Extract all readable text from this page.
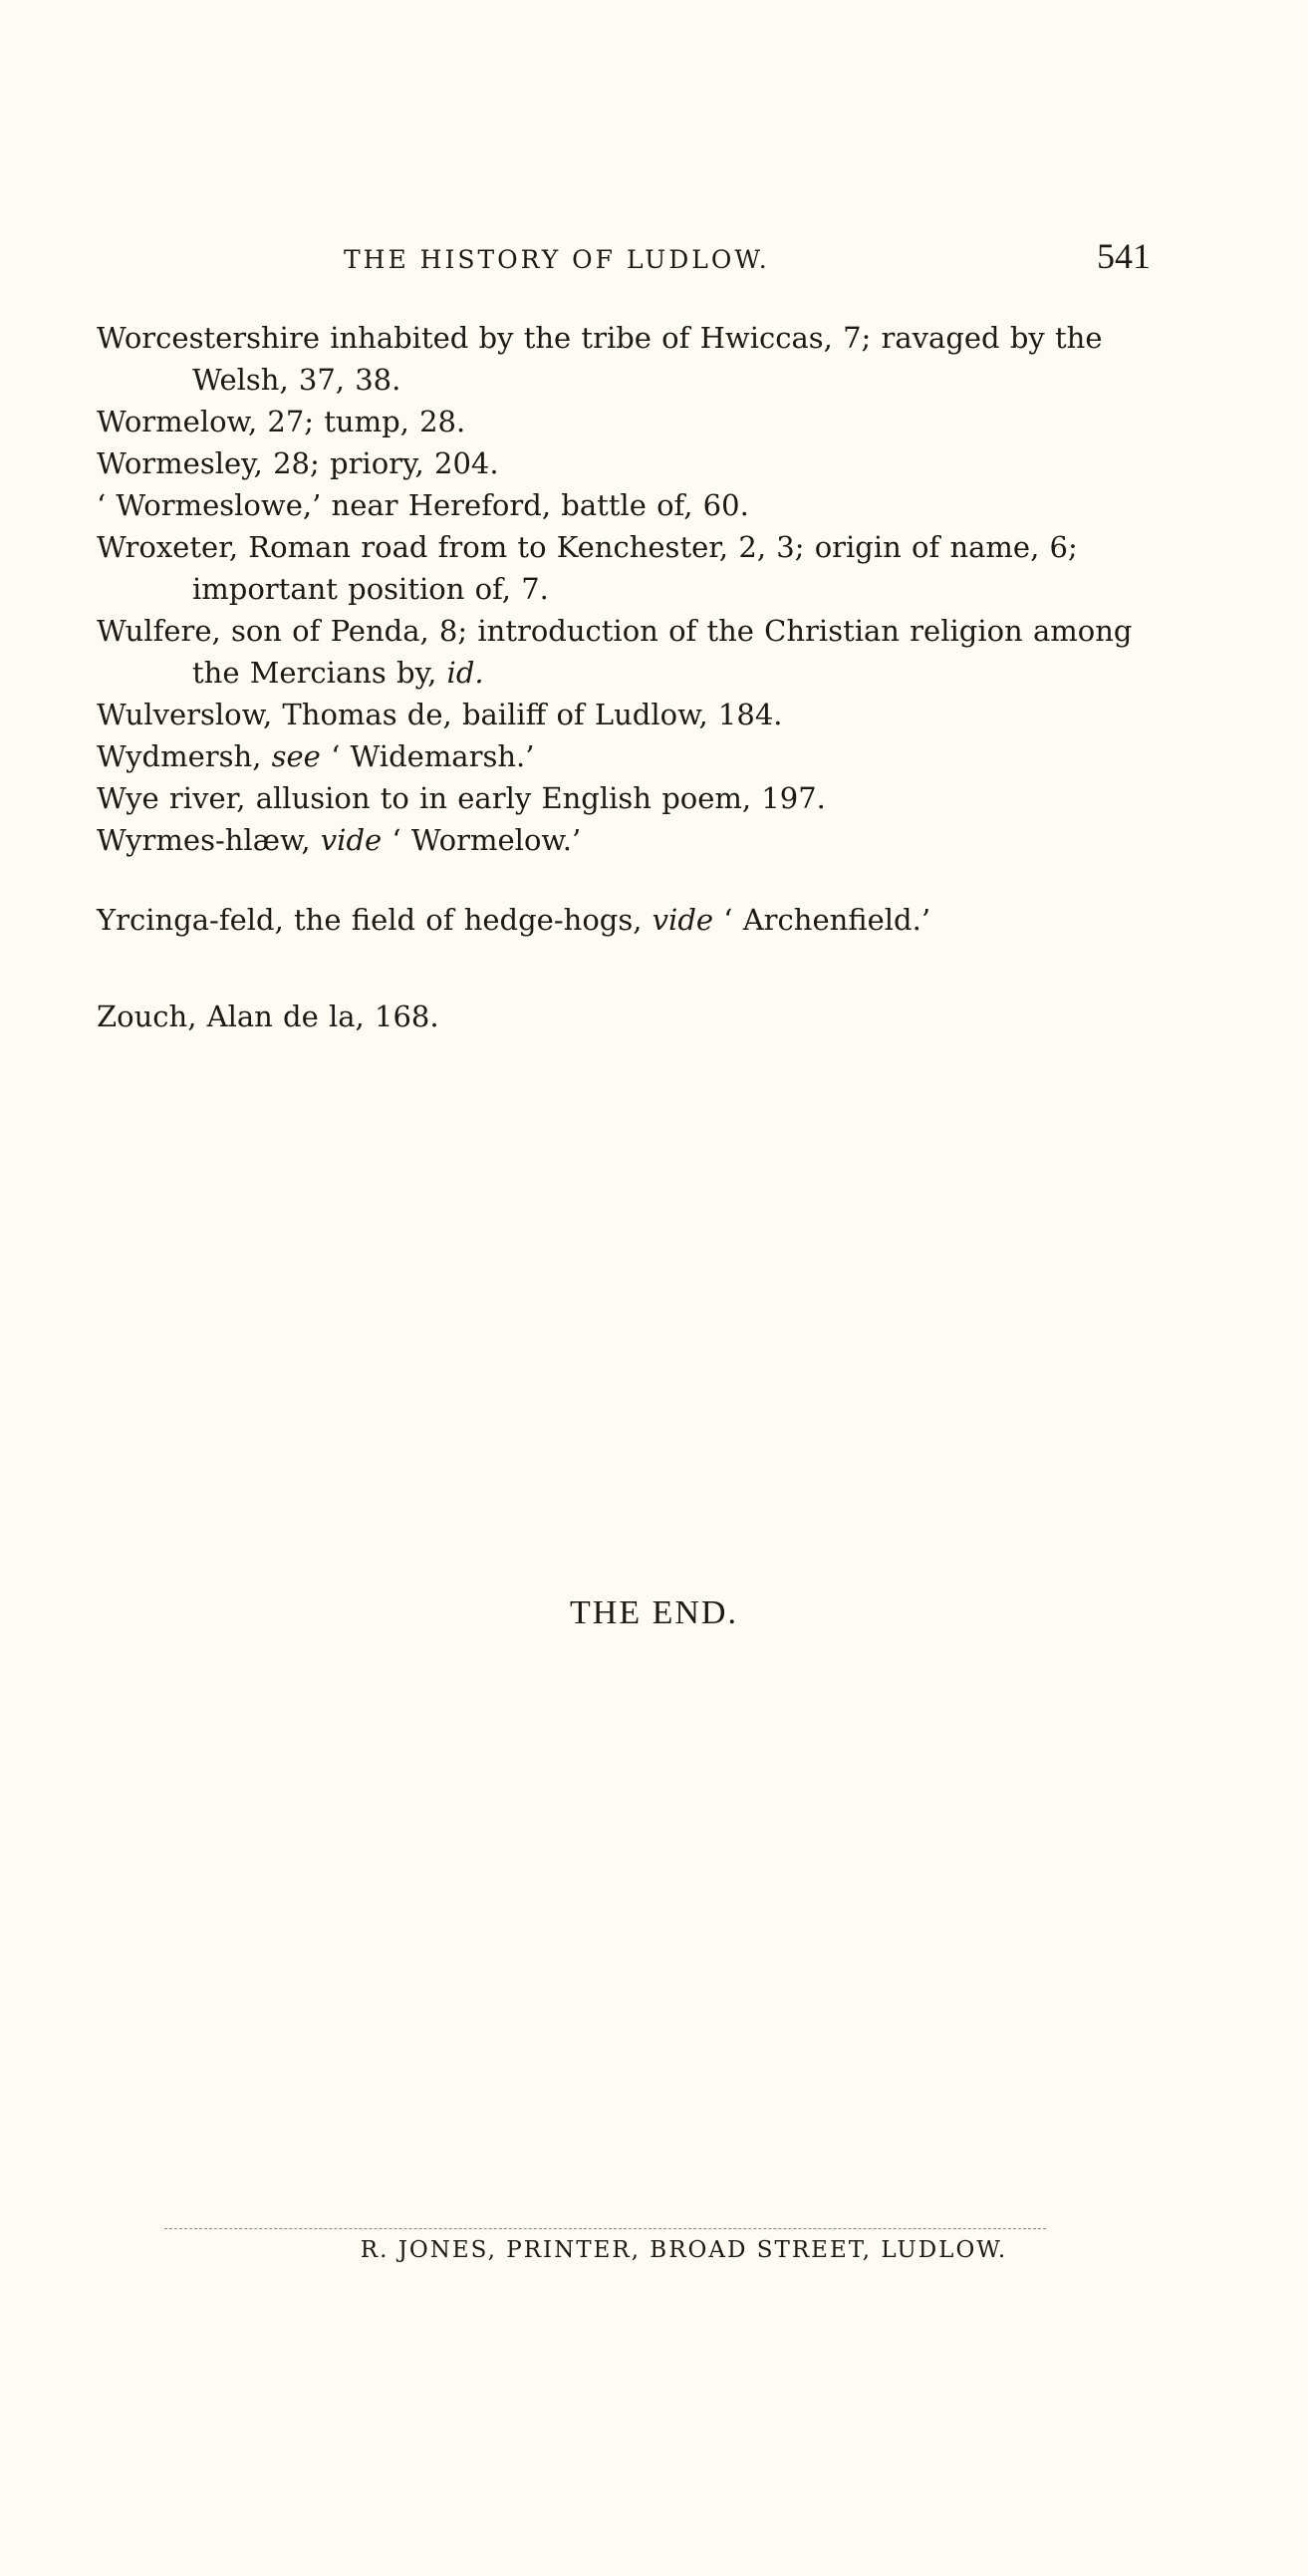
THE HISTORY OF LUDLOW.	541

Worcestershire inhabited by the tribe of Hwiccas, 7; ravaged by the Welsh, 37, 38.

Wormelow, 27; tump, 28.

Wormesley, 28; priory, 204.

‘ Wormeslowe,’ near Hereford, battle of, 60.

Wroxeter, Roman road from to Kenchester, 2, 3; origin of name, 6; important position of, 7.

Wulfere, son of Penda, 8; introduction of the Christian religion among the Mercians by, id.

Wulverslow, Thomas de, bailiff of Ludlow, 184.

Wydmersh, see ‘ Widemarsh.’

Wye river, allusion to in early English poem, 197.

Wyrmes-hlæw, vide ‘ Wormelow.’

Yrcinga-feld, the field of hedge-hogs, vide ‘ Archenfield.’

Zouch, Alan de la, 168.

THE END.
R. JONES, PRINTER, BROAD STREET, LUDLOW.
